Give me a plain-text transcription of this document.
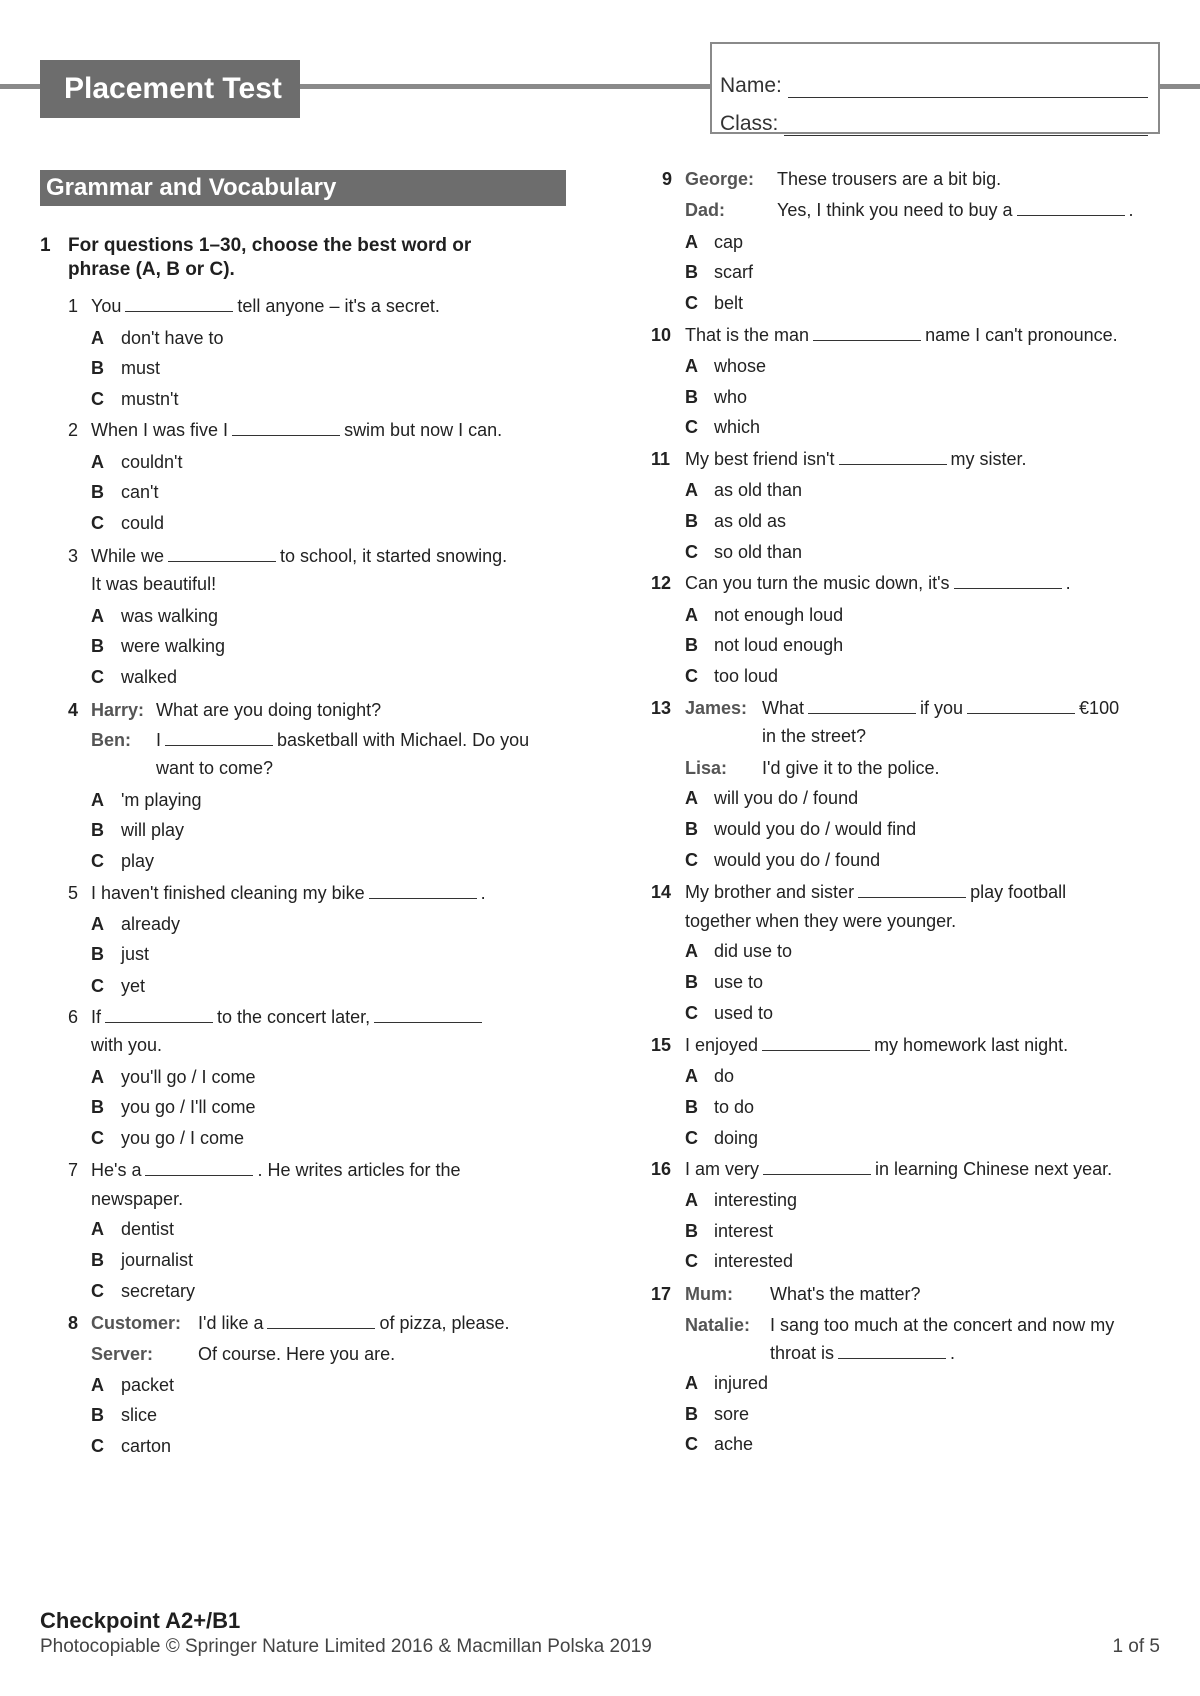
Placement Test	Name:
Class:
Grammar and Vocabulary
1 For questions 1–30, choose the best word or phrase (A, B or C).
1 You	tell anyone – it's a secret.
A don't have to
B must
C mustn't
2 When I was five I	swim but now I can.
A couldn't
B can't
C could
3 While we	to school, it started snowing.
It was beautiful!
A was walking
B were walking
C walked
4 Harry: What are you doing tonight?
Ben: I	basketball with Michael. Do you
want to come?
A 'm playing
B will play
C play
5 I haven't finished cleaning my bike	.
A already
B just
C yet
6 If	to the concert later,
with you.
A you'll go / I come
B you go / I'll come
C you go / I come
7 He's a	. He writes articles for the
newspaper.
A dentist
B journalist
C secretary
8 Customer: I'd like a	of pizza, please.
Server: Of course. Here you are.
A packet
B slice
C carton
9 George: These trousers are a bit big.
Dad:	Yes, I think you need to buy a	.
A cap
B scarf
C belt
10 That is the man	name I can't pronounce.
A whose
B who
C which
11 My best friend isn't	my sister.
A as old than
B as old as
C so old than
12 Can you turn the music down, it's	.
A not enough loud
B not loud enough
C too loud
13 James: What	if you	€100
in the street?
Lisa: I'd give it to the police.
A will you do / found
B would you do / would find
C would you do / found
14 My brother and sister	play football
together when they were younger.
A did use to
B use to
C used to
15 I enjoyed	my homework last night.
A do
B to do
C doing
16 I am very	in learning Chinese next year.
A interesting
B interest
C interested
17 Mum: What's the matter?
Natalie: I sang too much at the concert and now my
throat is	.
A injured
B sore
C ache
Checkpoint A2+/B1
Photocopiable © Springer Nature Limited 2016 & Macmillan Polska 2019	1 of 5
